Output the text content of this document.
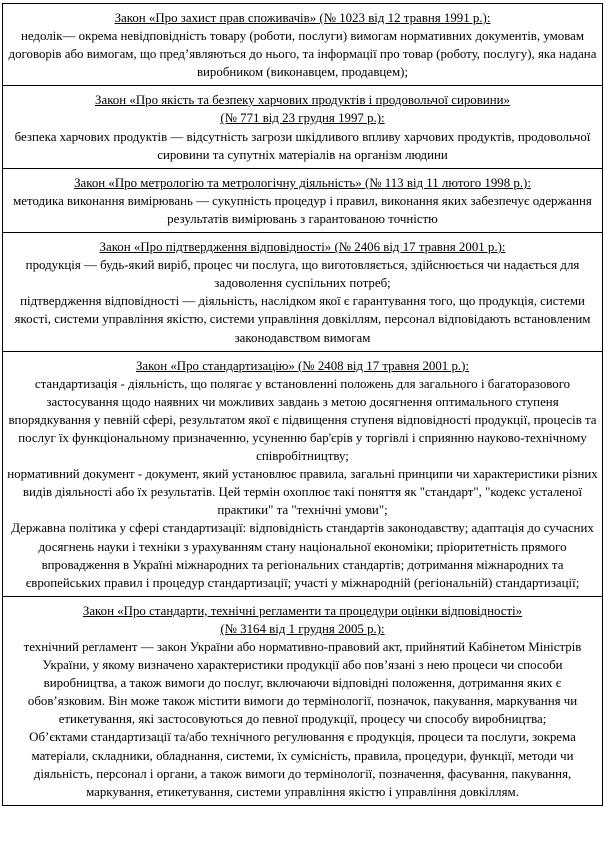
Закон «Про захист прав споживачів» (№ 1023 від 12 травня 1991 р.):
недолік— окрема невідповідність товару (роботи, послуги) вимогам нормативних документів, умовам договорів або вимогам, що пред’являються до нього, та інформації про товар (роботу, послугу), яка надана виробником (виконавцем, продавцем);

Закон «Про якість та безпеку харчових продуктів і продовольчої сировини»
(№ 771 від 23 грудня 1997 р.):
безпека харчових продуктів — відсутність загрози шкідливого впливу харчових продуктів, продовольчої сировини та супутніх матеріалів на організм людини

Закон «Про метрологію та метрологічну діяльність» (№ 113 від 11 лютого 1998 р.):
методика виконання вимірювань — сукупність процедур і правил, виконання яких забезпечує одержання результатів вимірювань з гарантованою точністю

Закон «Про підтвердження відповідності» (№ 2406 від 17 травня 2001 р.):
продукція — будь-який виріб, процес чи послуга, що виготовляється, здійснюється чи надається для задоволення суспільних потреб;
підтвердження відповідності — діяльність, наслідком якої є гарантування того, що продукція, системи якості, системи управління якістю, системи управління довкіллям, персонал відповідають встановленим законодавством вимогам

Закон «Про стандартизацію» (№ 2408 від 17 травня 2001 р.):
стандартизація - діяльність, що полягає у встановленні положень для загального і багаторазового застосування щодо наявних чи можливих завдань з метою досягнення оптимального ступеня впорядкування у певній сфері, результатом якої є підвищення ступеня відповідності продукції, процесів та послуг їх функціональному призначенню, усуненню бар'єрів у торгівлі і сприянню науково-технічному співробітництву;
нормативний документ - документ, який установлює правила, загальні принципи чи характеристики різних видів діяльності або їх результатів. Цей термін охоплює такі поняття як "стандарт", "кодекс усталеної практики" та "технічні умови";
Державна політика у сфері стандартизації: відповідність стандартів законодавству; адаптація до сучасних досягнень науки і техніки з урахуванням стану національної економіки; пріоритетність прямого впровадження в Україні міжнародних та регіональних стандартів; дотримання міжнародних та європейських правил і процедур стандартизації; участі у міжнародній (регіональній) стандартизації;

Закон «Про стандарти, технічні регламенти та процедури оцінки відповідності»
(№ 3164 від 1 грудня 2005 р.):
технічний регламент — закон України або нормативно-правовий акт, прийнятий Кабінетом Міністрів України, у якому визначено характеристики продукції або пов’язані з нею процеси чи способи виробництва, а також вимоги до послуг, включаючи відповідні положення, дотримання яких є обов’язковим. Він може також містити вимоги до термінології, позначок, пакування, маркування чи етикетування, які застосовуються до певної продукції, процесу чи способу виробництва;
Об’єктами стандартизації та/або технічного регулювання є продукція, процеси та послуги, зокрема матеріали, складники, обладнання, системи, їх сумісність, правила, процедури, функції, методи чи діяльність, персонал і органи, а також вимоги до термінології, позначення, фасування, пакування, маркування, етикетування, системи управління якістю і управління довкіллям.
